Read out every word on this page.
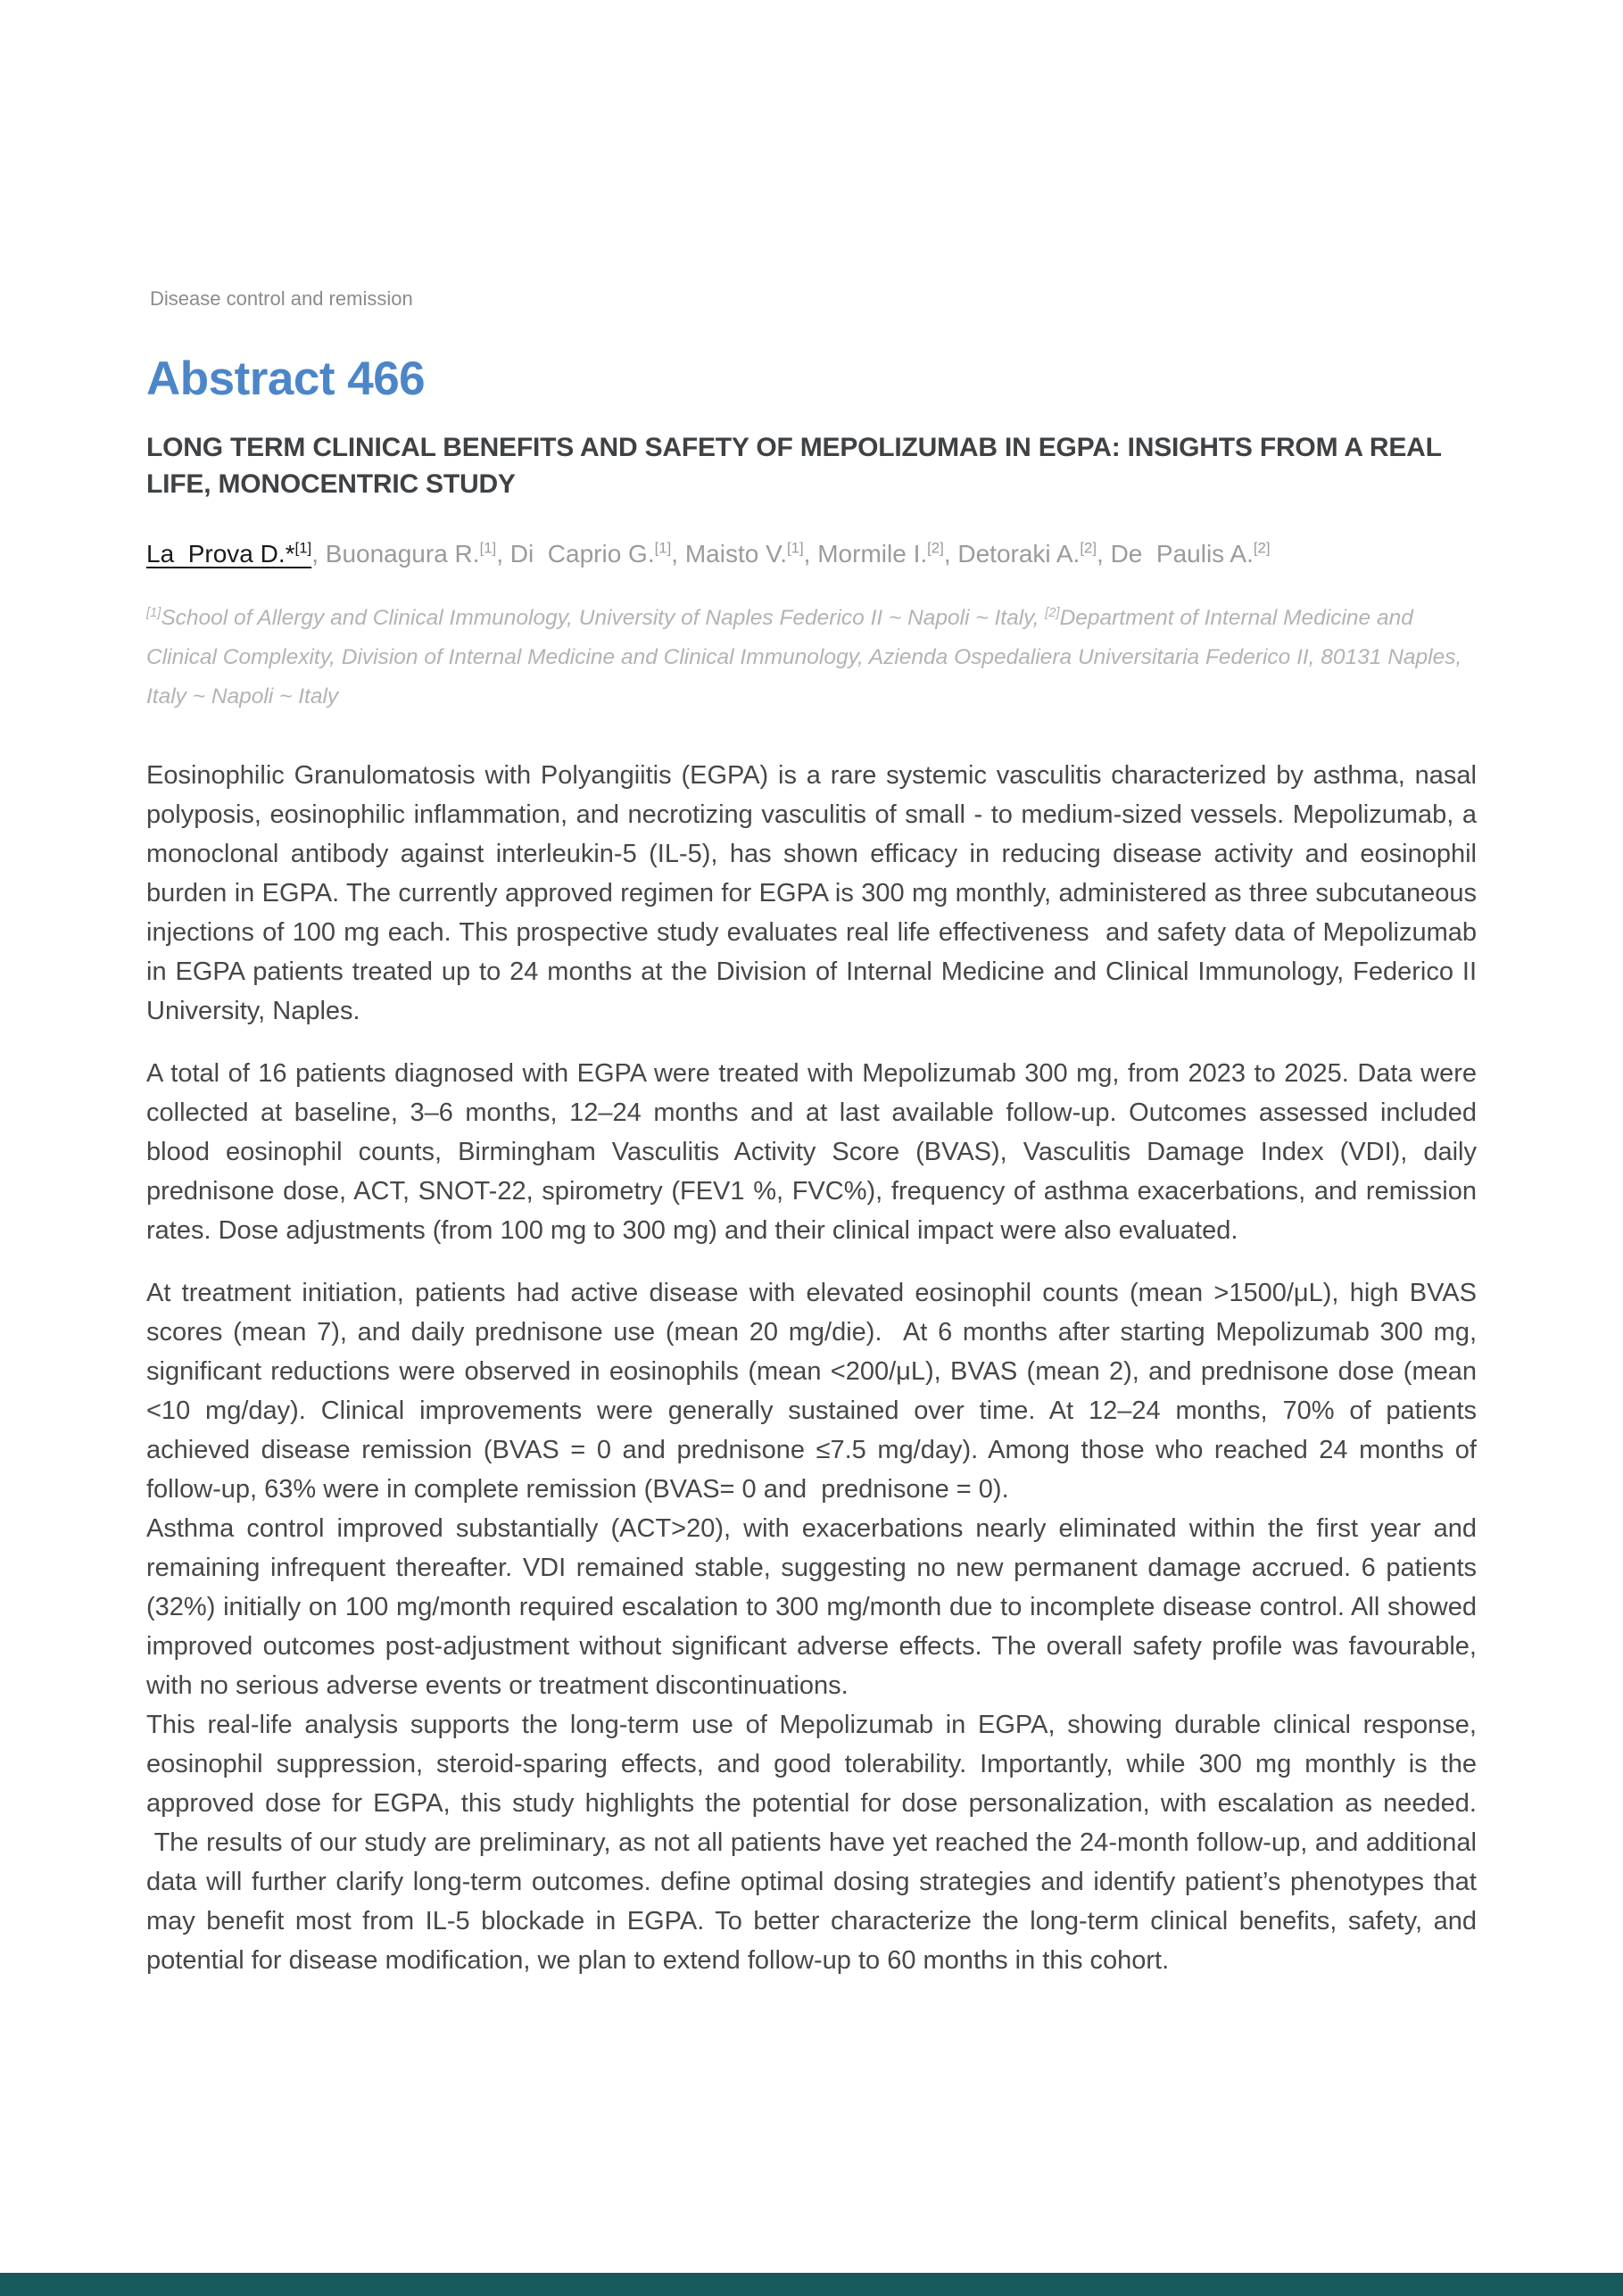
Disease control and remission
Abstract 466
LONG TERM CLINICAL BENEFITS AND SAFETY OF MEPOLIZUMAB IN EGPA: INSIGHTS FROM A REAL LIFE, MONOCENTRIC STUDY
La  Prova D.*[1], Buonagura R.[1], Di  Caprio G.[1], Maisto V.[1], Mormile I.[2], Detoraki A.[2], De  Paulis A.[2]
[1]School of Allergy and Clinical Immunology, University of Naples Federico II ~ Napoli ~ Italy, [2]Department of Internal Medicine and Clinical Complexity, Division of Internal Medicine and Clinical Immunology, Azienda Ospedaliera Universitaria Federico II, 80131 Naples, Italy ~ Napoli ~ Italy

Eosinophilic Granulomatosis with Polyangiitis (EGPA) is a rare systemic vasculitis characterized by asthma, nasal polyposis, eosinophilic inflammation, and necrotizing vasculitis of small - to medium-sized vessels. Mepolizumab, a monoclonal antibody against interleukin-5 (IL-5), has shown efficacy in reducing disease activity and eosinophil burden in EGPA. The currently approved regimen for EGPA is 300 mg monthly, administered as three subcutaneous injections of 100 mg each. This prospective study evaluates real life effectiveness  and safety data of Mepolizumab in EGPA patients treated up to 24 months at the Division of Internal Medicine and Clinical Immunology, Federico II University, Naples.

A total of 16 patients diagnosed with EGPA were treated with Mepolizumab 300 mg, from 2023 to 2025. Data were collected at baseline, 3–6 months, 12–24 months and at last available follow-up. Outcomes assessed included blood eosinophil counts, Birmingham Vasculitis Activity Score (BVAS), Vasculitis Damage Index (VDI), daily prednisone dose, ACT, SNOT-22, spirometry (FEV1 %, FVC%), frequency of asthma exacerbations, and remission rates. Dose adjustments (from 100 mg to 300 mg) and their clinical impact were also evaluated.

At treatment initiation, patients had active disease with elevated eosinophil counts (mean >1500/μL), high BVAS scores (mean 7), and daily prednisone use (mean 20 mg/die).  At 6 months after starting Mepolizumab 300 mg, significant reductions were observed in eosinophils (mean <200/μL), BVAS (mean 2), and prednisone dose (mean <10 mg/day). Clinical improvements were generally sustained over time. At 12–24 months, 70% of patients achieved disease remission (BVAS = 0 and prednisone ≤7.5 mg/day). Among those who reached 24 months of follow-up, 63% were in complete remission (BVAS= 0 and  prednisone = 0).

Asthma control improved substantially (ACT>20), with exacerbations nearly eliminated within the first year and remaining infrequent thereafter. VDI remained stable, suggesting no new permanent damage accrued. 6 patients (32%) initially on 100 mg/month required escalation to 300 mg/month due to incomplete disease control. All showed improved outcomes post-adjustment without significant adverse effects. The overall safety profile was favourable, with no serious adverse events or treatment discontinuations.

This real-life analysis supports the long-term use of Mepolizumab in EGPA, showing durable clinical response, eosinophil suppression, steroid-sparing effects, and good tolerability. Importantly, while 300 mg monthly is the approved dose for EGPA, this study highlights the potential for dose personalization, with escalation as needed.  The results of our study are preliminary, as not all patients have yet reached the 24-month follow-up, and additional data will further clarify long-term outcomes. define optimal dosing strategies and identify patient’s phenotypes that may benefit most from IL-5 blockade in EGPA. To better characterize the long-term clinical benefits, safety, and potential for disease modification, we plan to extend follow-up to 60 months in this cohort.
